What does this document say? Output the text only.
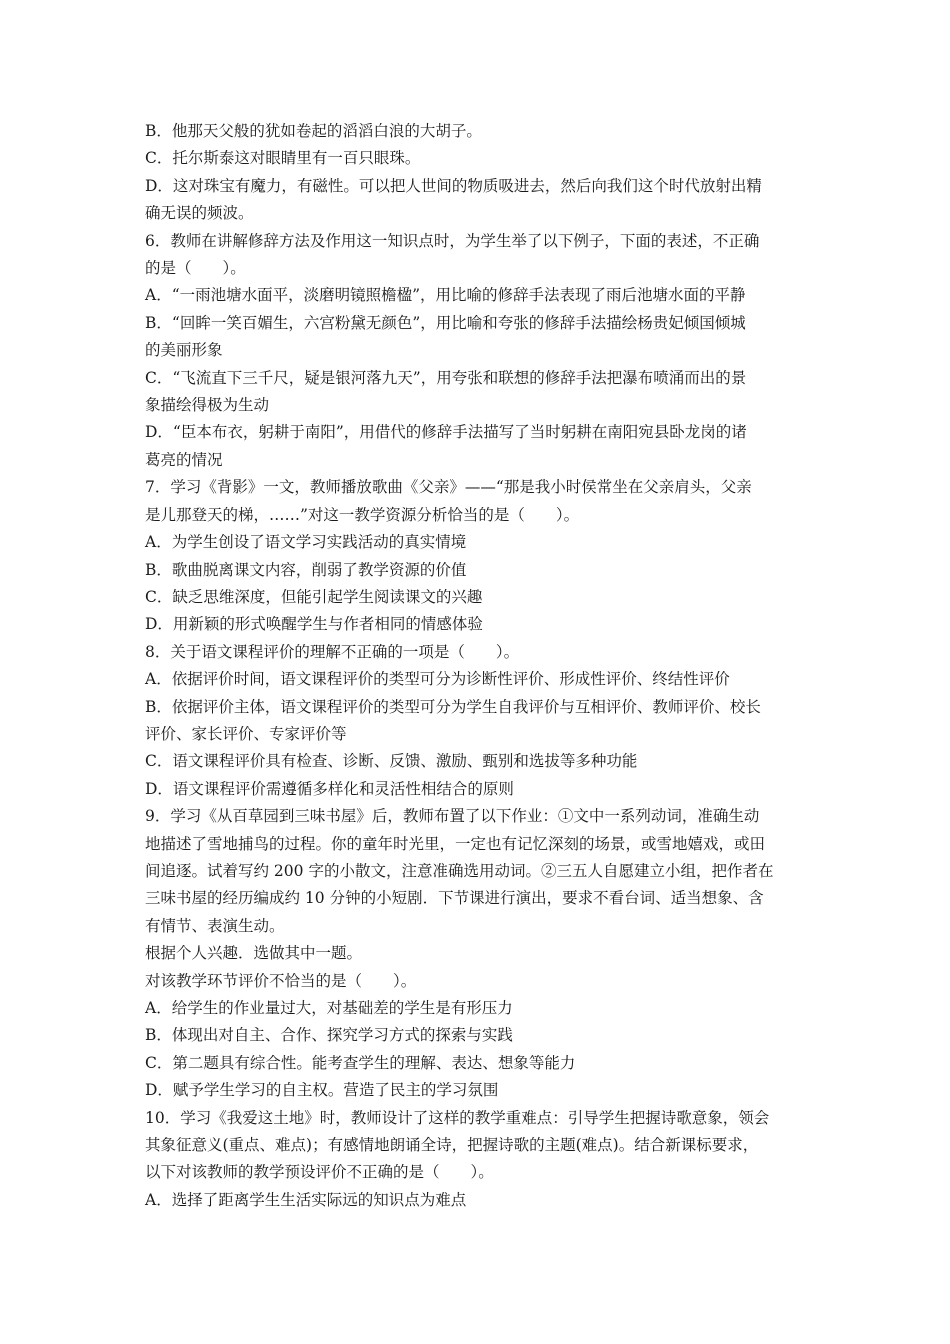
B．他那天父般的犹如卷起的滔滔白浪的大胡子。

C．托尔斯泰这对眼睛里有一百只眼珠。

D．这对珠宝有魔力，有磁性。可以把人世间的物质吸进去，然后向我们这个时代放射出精

确无误的频波。

6．教师在讲解修辞方法及作用这一知识点时，为学生举了以下例子，下面的表述，不正确

的是（　　）。

A．“一雨池塘水面平，淡磨明镜照檐楹”，用比喻的修辞手法表现了雨后池塘水面的平静

B．“回眸一笑百媚生，六宫粉黛无颜色”，用比喻和夸张的修辞手法描绘杨贵妃倾国倾城

的美丽形象

C．“飞流直下三千尺，疑是银河落九天”，用夸张和联想的修辞手法把瀑布喷涌而出的景

象描绘得极为生动

D．“臣本布衣，躬耕于南阳”，用借代的修辞手法描写了当时躬耕在南阳宛县卧龙岗的诸

葛亮的情况

7．学习《背影》一文，教师播放歌曲《父亲》——“那是我小时侯常坐在父亲肩头，父亲

是儿那登天的梯，……”对这一教学资源分析恰当的是（　　）。

A．为学生创设了语文学习实践活动的真实情境

B．歌曲脱离课文内容，削弱了教学资源的价值

C．缺乏思维深度，但能引起学生阅读课文的兴趣

D．用新颖的形式唤醒学生与作者相同的情感体验

8．关于语文课程评价的理解不正确的一项是（　　）。

A．依据评价时间，语文课程评价的类型可分为诊断性评价、形成性评价、终结性评价

B．依据评价主体，语文课程评价的类型可分为学生自我评价与互相评价、教师评价、校长

评价、家长评价、专家评价等

C．语文课程评价具有检查、诊断、反馈、激励、甄别和选拔等多种功能

D．语文课程评价需遵循多样化和灵活性相结合的原则

9．学习《从百草园到三味书屋》后，教师布置了以下作业：①文中一系列动词，准确生动

地描述了雪地捕鸟的过程。你的童年时光里，一定也有记忆深刻的场景，或雪地嬉戏，或田

间追逐。试着写约 200 字的小散文，注意准确选用动词。②三五人自愿建立小组，把作者在

三味书屋的经历编成约 10 分钟的小短剧．下节课进行演出，要求不看台词、适当想象、含

有情节、表演生动。

根据个人兴趣．选做其中一题。

对该教学环节评价不恰当的是（　　）。

A．给学生的作业量过大，对基础差的学生是有形压力

B．体现出对自主、合作、探究学习方式的探索与实践

C．第二题具有综合性。能考查学生的理解、表达、想象等能力

D．赋予学生学习的自主权。营造了民主的学习氛围

10．学习《我爱这土地》时，教师设计了这样的教学重难点：引导学生把握诗歌意象，领会

其象征意义(重点、难点)；有感情地朗诵全诗，把握诗歌的主题(难点)。结合新课标要求，

以下对该教师的教学预设评价不正确的是（　　）。

A．选择了距离学生生活实际远的知识点为难点
